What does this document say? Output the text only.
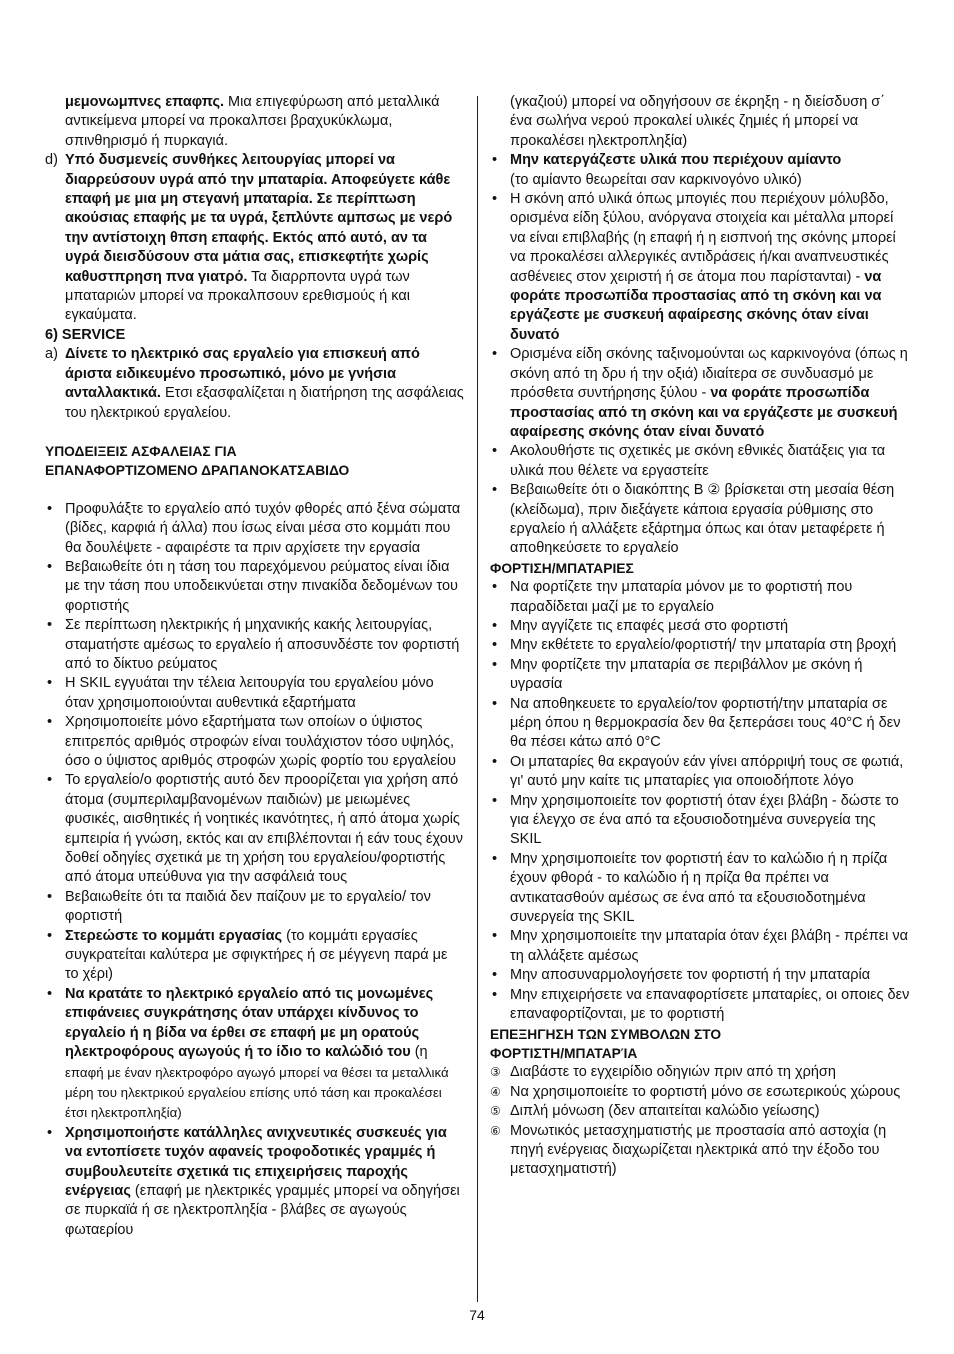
μεμονωμπνες επαφπς. Μια επιγεφύρωση από μεταλλικά αντικείμενα μπορεί να προκαλπσει βραχυκύκλωμα, σπινθηρισμό ή πυρκαγιά.

d) Υπό δυσμενείς συνθήκες λειτουργίας μπορεί να διαρρεύσουν υγρά από την μπαταρία. Αποφεύγετε κάθε επαφή με μια μη στεγανή μπαταρία. Σε περίπτωση ακούσιας επαφής με τα υγρά, ξεπλύντε αμπσως με νερό την αντίστοιχη θπση επαφής. Εκτός από αυτό, αν τα υγρά διεισδύσουν στα μάτια σας, επισκεφτήτε χωρίς καθυστπρηση πνα γιατρό. Τα διαρρποντα υγρά των μπαταριών μπορεί να προκαλπσουν ερεθισμούς ή και εγκαύματα.

6) SERVICE

a) Δίνετε το ηλεκτρικό σας εργαλείο για επισκευή από άριστα ειδικευμένο προσωπικό, μόνο με γνήσια ανταλλακτικά. Ετσι εξασφαλίζεται η διατήρηση της ασφάλειας του ηλεκτρικού εργαλείου.

ΥΠΟΔΕΙΞΕΙΣ ΑΣΦΑΛΕΙΑΣ ΓΙΑ
ΕΠΑΝΑΦΟΡΤΙΖΟΜΕΝΟ ΔΡΑΠΑΝΟΚΑΤΣΑΒΙΔΟ

• Προφυλάξτε το εργαλείο από τυχόν φθορές από ξένα σώματα (βίδες, καρφιά ή άλλα) που ίσως είναι μέσα στο κομμάτι που θα δουλέψετε - αφαιρέστε τα πριν αρχίσετε την εργασία

• Βεβαιωθείτε ότι η τάση του παρεχόμενου ρεύματος είναι ίδια με την τάση που υποδεικνύεται στην πινακίδα δεδομένων του φορτιστής

• Σε περίπτωση ηλεκτρικής ή μηχανικής κακής λειτουργίας, σταματήστε αμέσως το εργαλείο ή αποσυνδέστε τον φορτιστή από το δίκτυο ρεύματος

• Η SKIL εγγυάται την τέλεια λειτουργία του εργαλείου μόνο όταν χρησιμοποιούνται αυθεντικά εξαρτήματα

• Χρησιμοποιείτε μόνο εξαρτήματα των οποίων ο ύψιστος επιτρεπός αριθμός στροφών είναι τουλάχιστον τόσο υψηλός, όσο ο ύψιστος αριθμός στροφών χωρίς φορτίο του εργαλείου

• Το εργαλείο/ο φορτιστής αυτό δεν προορίζεται για χρήση από άτομα (συμπεριλαμβανομένων παιδιών) με μειωμένες φυσικές, αισθητικές ή νοητικές ικανότητες, ή από άτομα χωρίς εμπειρία ή γνώση, εκτός και αν επιβλέπονται ή εάν τους έχουν δοθεί οδηγίες σχετικά με τη χρήση του εργαλείου/φορτιστής από άτομα υπεύθυνα για την ασφάλειά τους

• Βεβαιωθείτε ότι τα παιδιά δεν παίζουν με το εργαλείο/ τον φορτιστή

• Στερεώστε το κομμάτι εργασίας (το κομμάτι εργασίες συγκρατείται καλύτερα με σφιγκτήρες ή σε μέγγενη παρά με το χέρι)

• Να κρατάτε το ηλεκτρικό εργαλείο από τις μονωμένες επιφάνειες συγκράτησης όταν υπάρχει κίνδυνος το εργαλείο ή η βίδα να έρθει σε επαφή με μη ορατούς ηλεκτροφόρους αγωγούς ή το ίδιο το καλώδιό του (η
επαφή με έναν ηλεκτροφόρο αγωγό μπορεί να θέσει τα μεταλλικά μέρη του ηλεκτρικού εργαλείου επίσης υπό τάση και προκαλέσει έτσι ηλεκτροπληξία)

• Χρησιμοποιήστε κατάλληλες ανιχνευτικές συσκευές για να εντοπίσετε τυχόν αφανείς τροφοδοτικές γραμμές ή συμβουλευτείτε σχετικά τις επιχειρήσεις παροχής ενέργειας (επαφή με ηλεκτρικές γραμμές μπορεί να οδηγήσει σε πυρκαϊά ή σε ηλεκτροπληξία - βλάβες σε αγωγούς φωταερίου

(γκαζιού) μπορεί να οδηγήσουν σε έκρηξη - η διείσδυση σ΄ ένα σωλήνα νερού προκαλεί υλικές ζημιές ή μπορεί να προκαλέσει ηλεκτροπληξία)

• Μην κατεργάζεστε υλικά που περιέχουν αμίαντο
(το αμίαντο θεωρείται σαν καρκινογόνο υλικό)

• Η σκόνη από υλικά όπως μπογιές που περιέχουν μόλυβδο, ορισμένα είδη ξύλου, ανόργανα στοιχεία και μέταλλα μπορεί να είναι επιβλαβής (η επαφή ή η εισπνοή της σκόνης μπορεί να προκαλέσει αλλεργικές αντιδράσεις ή/και αναπνευστικές ασθένειες στον χειριστή ή σε άτομα που παρίστανται) - να φοράτε προσωπίδα προστασίας από τη σκόνη και να εργάζεστε με συσκευή αφαίρεσης σκόνης όταν είναι δυνατό

• Ορισμένα είδη σκόνης ταξινομούνται ως καρκινογόνα (όπως η σκόνη από τη δρυ ή την οξιά) ιδιαίτερα σε συνδυασμό με πρόσθετα συντήρησης ξύλου - να φοράτε προσωπίδα προστασίας από τη σκόνη και να εργάζεστε με συσκευή αφαίρεσης σκόνης όταν είναι δυνατό

• Ακολουθήστε τις σχετικές με σκόνη εθνικές διατάξεις για τα υλικά που θέλετε να εργαστείτε

• Βεβαιωθείτε ότι ο διακόπτης B ② βρίσκεται στη μεσαία θέση (κλείδωμα), πριν διεξάγετε κάποια εργασία ρύθμισης στο εργαλείο ή αλλάξετε εξάρτημα όπως και όταν μεταφέρετε ή αποθηκεύσετε το εργαλείο

ΦΟΡΤΙΣΗ/ΜΠΑΤΑΡΙΕΣ

• Να φορτίζετε την μπαταρία μόνον με το φορτιστή που παραδίδεται μαζί με το εργαλείο

• Μην αγγίζετε τις επαφές μεσά στο φορτιστή

• Μην εκθέτετε το εργαλείο/φορτιστή/ την μπαταρία στη βροχή

• Μην φορτίζετε την μπαταρία σε περιβάλλον με σκόνη ή υγρασία

• Να αποθηκευετε το εργαλείο/τον φορτιστή/την μπαταρία σε μέρη όπου η θερμοκρασία δεν θα ξεπεράσει τους 40°C ή δεν θα πέσει κάτω από 0°C

• Οι μπαταρίες θα εκραγούν εάν γίνει απόρριψή τους σε φωτιά, γι' αυτό μην καίτε τις μπαταρίες για οποιοδήποτε λόγο

• Μην χρησιμοποιείτε τον φορτιστή όταν έχει βλάβη - δώστε το για έλεγχο σε ένα από τα εξουσιοδοτημένα συνεργεία της SKIL

• Μην χρησιμοποιείτε τον φορτιστή έαν το καλώδιο ή η πρίζα έχουν φθορά - το καλώδιο ή η πρίζα θα πρέπει να αντικατασθούν αμέσως σε ένα από τα εξουσιοδοτημένα συνεργεία της SKIL

• Μην χρησιμοποιείτε την μπαταρία όταν έχει βλάβη - πρέπει να τη αλλάξετε αμέσως

• Μην αποσυναρμολογήσετε τον φορτιστή ή την μπαταρία

• Μην επιχειρήσετε να επαναφορτίσετε μπαταρίες, οι οποιες δεν επαναφορτίζονται, με το φορτιστή

ΕΠΕΞΗΓΗΣΗ ΤΩΝ ΣΥΜΒΟΛΩΝ ΣΤΟ
ΦΟΡΤΙΣΤΗ/ΜΠΑΤΑΡΊΑ

③ Διαβάστε το εγχειρίδιο οδηγιών πριν από τη χρήση

④ Να χρησιμοποιείτε το φορτιστή μόνο σε εσωτερικούς χώρους

⑤ Διπλή μόνωση (δεν απαιτείται καλώδιο γείωσης)

⑥ Μονωτικός μετασχηματιστής με προστασία από αστοχία (η πηγή ενέργειας διαχωρίζεται ηλεκτρικά από την έξοδο του μετασχηματιστή)

74
